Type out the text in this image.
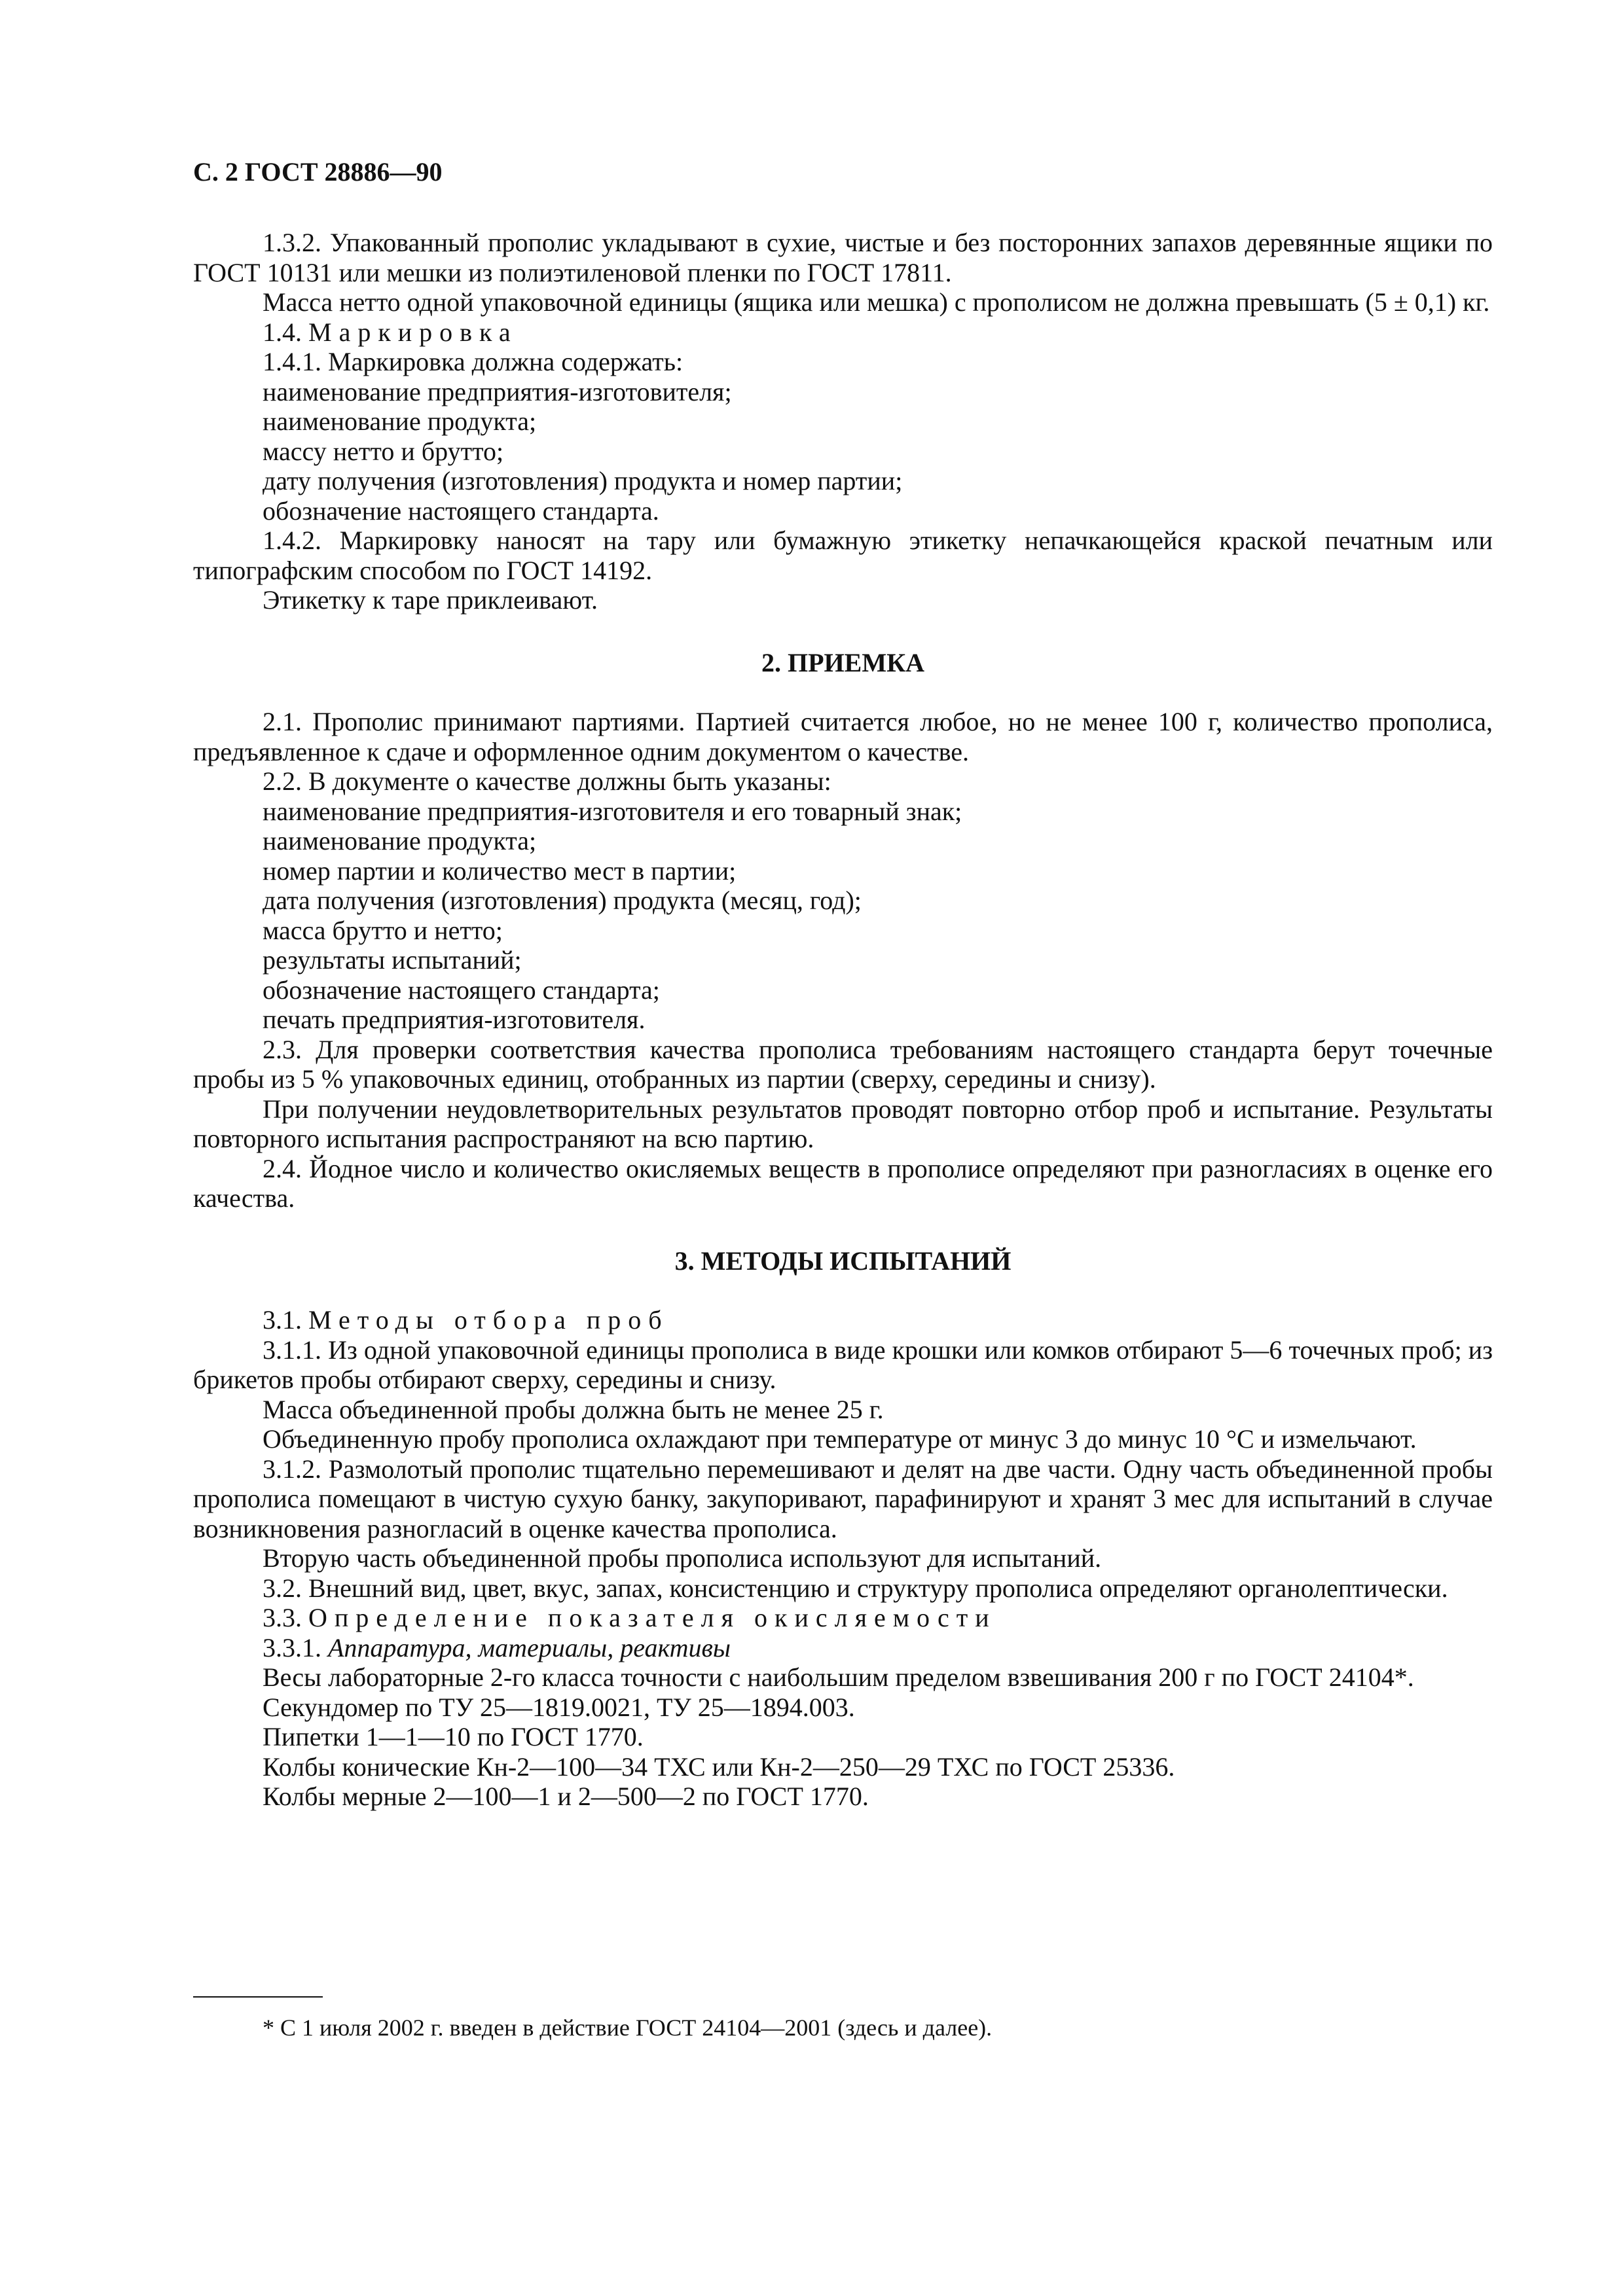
С. 2 ГОСТ 28886—90

1.3.2. Упакованный прополис укладывают в сухие, чистые и без посторонних запахов деревянные ящики по ГОСТ 10131 или мешки из полиэтиленовой пленки по ГОСТ 17811.

Масса нетто одной упаковочной единицы (ящика или мешка) с прополисом не должна превышать (5 ± 0,1) кг.

1.4. Маркировка

1.4.1. Маркировка должна содержать:

наименование предприятия-изготовителя;

наименование продукта;

массу нетто и брутто;

дату получения (изготовления) продукта и номер партии;

обозначение настоящего стандарта.

1.4.2. Маркировку наносят на тару или бумажную этикетку непачкающейся краской печатным или типографским способом по ГОСТ 14192.

Этикетку к таре приклеивают.

2. ПРИЕМКА

2.1. Прополис принимают партиями. Партией считается любое, но не менее 100 г, количество прополиса, предъявленное к сдаче и оформленное одним документом о качестве.

2.2. В документе о качестве должны быть указаны:

наименование предприятия-изготовителя и его товарный знак;

наименование продукта;

номер партии и количество мест в партии;

дата получения (изготовления) продукта (месяц, год);

масса брутто и нетто;

результаты испытаний;

обозначение настоящего стандарта;

печать предприятия-изготовителя.

2.3. Для проверки соответствия качества прополиса требованиям настоящего стандарта берут точечные пробы из 5 % упаковочных единиц, отобранных из партии (сверху, середины и снизу).

При получении неудовлетворительных результатов проводят повторно отбор проб и испытание. Результаты повторного испытания распространяют на всю партию.

2.4. Йодное число и количество окисляемых веществ в прополисе определяют при разногласиях в оценке его качества.

3. МЕТОДЫ ИСПЫТАНИЙ

3.1. Методы отбора проб

3.1.1. Из одной упаковочной единицы прополиса в виде крошки или комков отбирают 5—6 точечных проб; из брикетов пробы отбирают сверху, середины и снизу.

Масса объединенной пробы должна быть не менее 25 г.

Объединенную пробу прополиса охлаждают при температуре от минус 3 до минус 10 °С и измельчают.

3.1.2. Размолотый прополис тщательно перемешивают и делят на две части. Одну часть объединенной пробы прополиса помещают в чистую сухую банку, закупоривают, парафинируют и хранят 3 мес для испытаний в случае возникновения разногласий в оценке качества прополиса.

Вторую часть объединенной пробы прополиса используют для испытаний.

3.2. Внешний вид, цвет, вкус, запах, консистенцию и структуру прополиса определяют органолептически.

3.3. Определение показателя окисляемости

3.3.1. Аппаратура, материалы, реактивы

Весы лабораторные 2-го класса точности с наибольшим пределом взвешивания 200 г по ГОСТ 24104*.

Секундомер по ТУ 25—1819.0021, ТУ 25—1894.003.

Пипетки 1—1—10 по ГОСТ 1770.

Колбы конические Кн-2—100—34 ТХС или Кн-2—250—29 ТХС по ГОСТ 25336.

Колбы мерные 2—100—1 и 2—500—2 по ГОСТ 1770.

* С 1 июля 2002 г. введен в действие ГОСТ 24104—2001 (здесь и далее).
